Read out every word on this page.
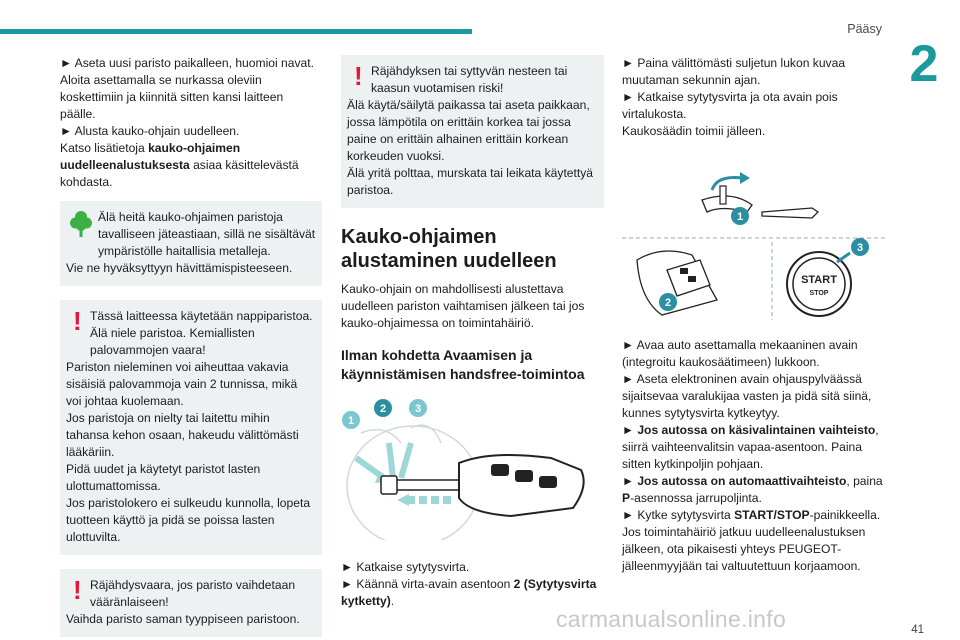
Pääsy
2

► Aseta uusi paristo paikalleen, huomioi navat. Aloita asettamalla se nurkassa oleviin koskettimiin ja kiinnitä sitten kansi laitteen päälle.

► Alusta kauko-ohjain uudelleen.

Katso lisätietoja kauko-ohjaimen uudelleenalustuksesta asiaa käsittelevästä kohdasta.

Älä heitä kauko-ohjaimen paristoja tavalliseen jäteastiaan, sillä ne sisältävät ympäristölle haitallisia metalleja.

Vie ne hyväksyttyyn hävittämispisteeseen.

! Tässä laitteessa käytetään nappiparistoa. Älä niele paristoa. Kemiallisten palovammojen vaara!

Pariston nieleminen voi aiheuttaa vakavia sisäisiä palovammoja vain 2 tunnissa, mikä voi johtaa kuolemaan.

Jos paristoja on nielty tai laitettu mihin tahansa kehon osaan, hakeudu välittömästi lääkäriin.

Pidä uudet ja käytetyt paristot lasten ulottumattomissa.

Jos paristolokero ei sulkeudu kunnolla, lopeta tuotteen käyttö ja pidä se poissa lasten ulottuvilta.

! Räjähdysvaara, jos paristo vaihdetaan vääränlaiseen!

Vaihda paristo saman tyyppiseen paristoon.

! Räjähdyksen tai syttyvän nesteen tai kaasun vuotamisen riski!

Älä käytä/säilytä paikassa tai aseta paikkaan, jossa lämpötila on erittäin korkea tai jossa paine on erittäin alhainen erittäin korkean korkeuden vuoksi.

Älä yritä polttaa, murskata tai leikata käytettyä paristoa.

Kauko-ohjaimen alustaminen uudelleen

Kauko-ohjain on mahdollisesti alustettava uudelleen pariston vaihtamisen jälkeen tai jos kauko-ohjaimessa on toimintahäiriö.

Ilman kohdetta Avaamisen ja käynnistämisen handsfree-toimintoa
1
2	3

► Katkaise sytytysvirta.

► Käännä virta-avain asentoon 2 (Sytytysvirta kytketty).

► Paina välittömästi suljetun lukon kuvaa muutaman sekunnin ajan.

► Katkaise sytytysvirta ja ota avain pois virtalukosta.

Kaukosäädin toimii jälleen.

1
2
START
STOP
3

► Avaa auto asettamalla mekaaninen avain (integroitu kaukosäätimeen) lukkoon.

► Aseta elektroninen avain ohjauspylväässä sijaitsevaa varalukijaa vasten ja pidä sitä siinä, kunnes sytytysvirta kytkeytyy.

► Jos autossa on käsivalintainen vaihteisto, siirrä vaihteenvalitsin vapaa-asentoon. Paina sitten kytkinpoljin pohjaan.

► Jos autossa on automaattivaihteisto, paina P-asennossa jarrupoljinta.

► Kytke sytytysvirta START/STOP-painikkeella.

Jos toimintahäiriö jatkuu uudelleenalustuksen jälkeen, ota pikaisesti yhteys PEUGEOT-jälleenmyyjään tai valtuutettuun korjaamoon.

carmanualsonline.info	41
